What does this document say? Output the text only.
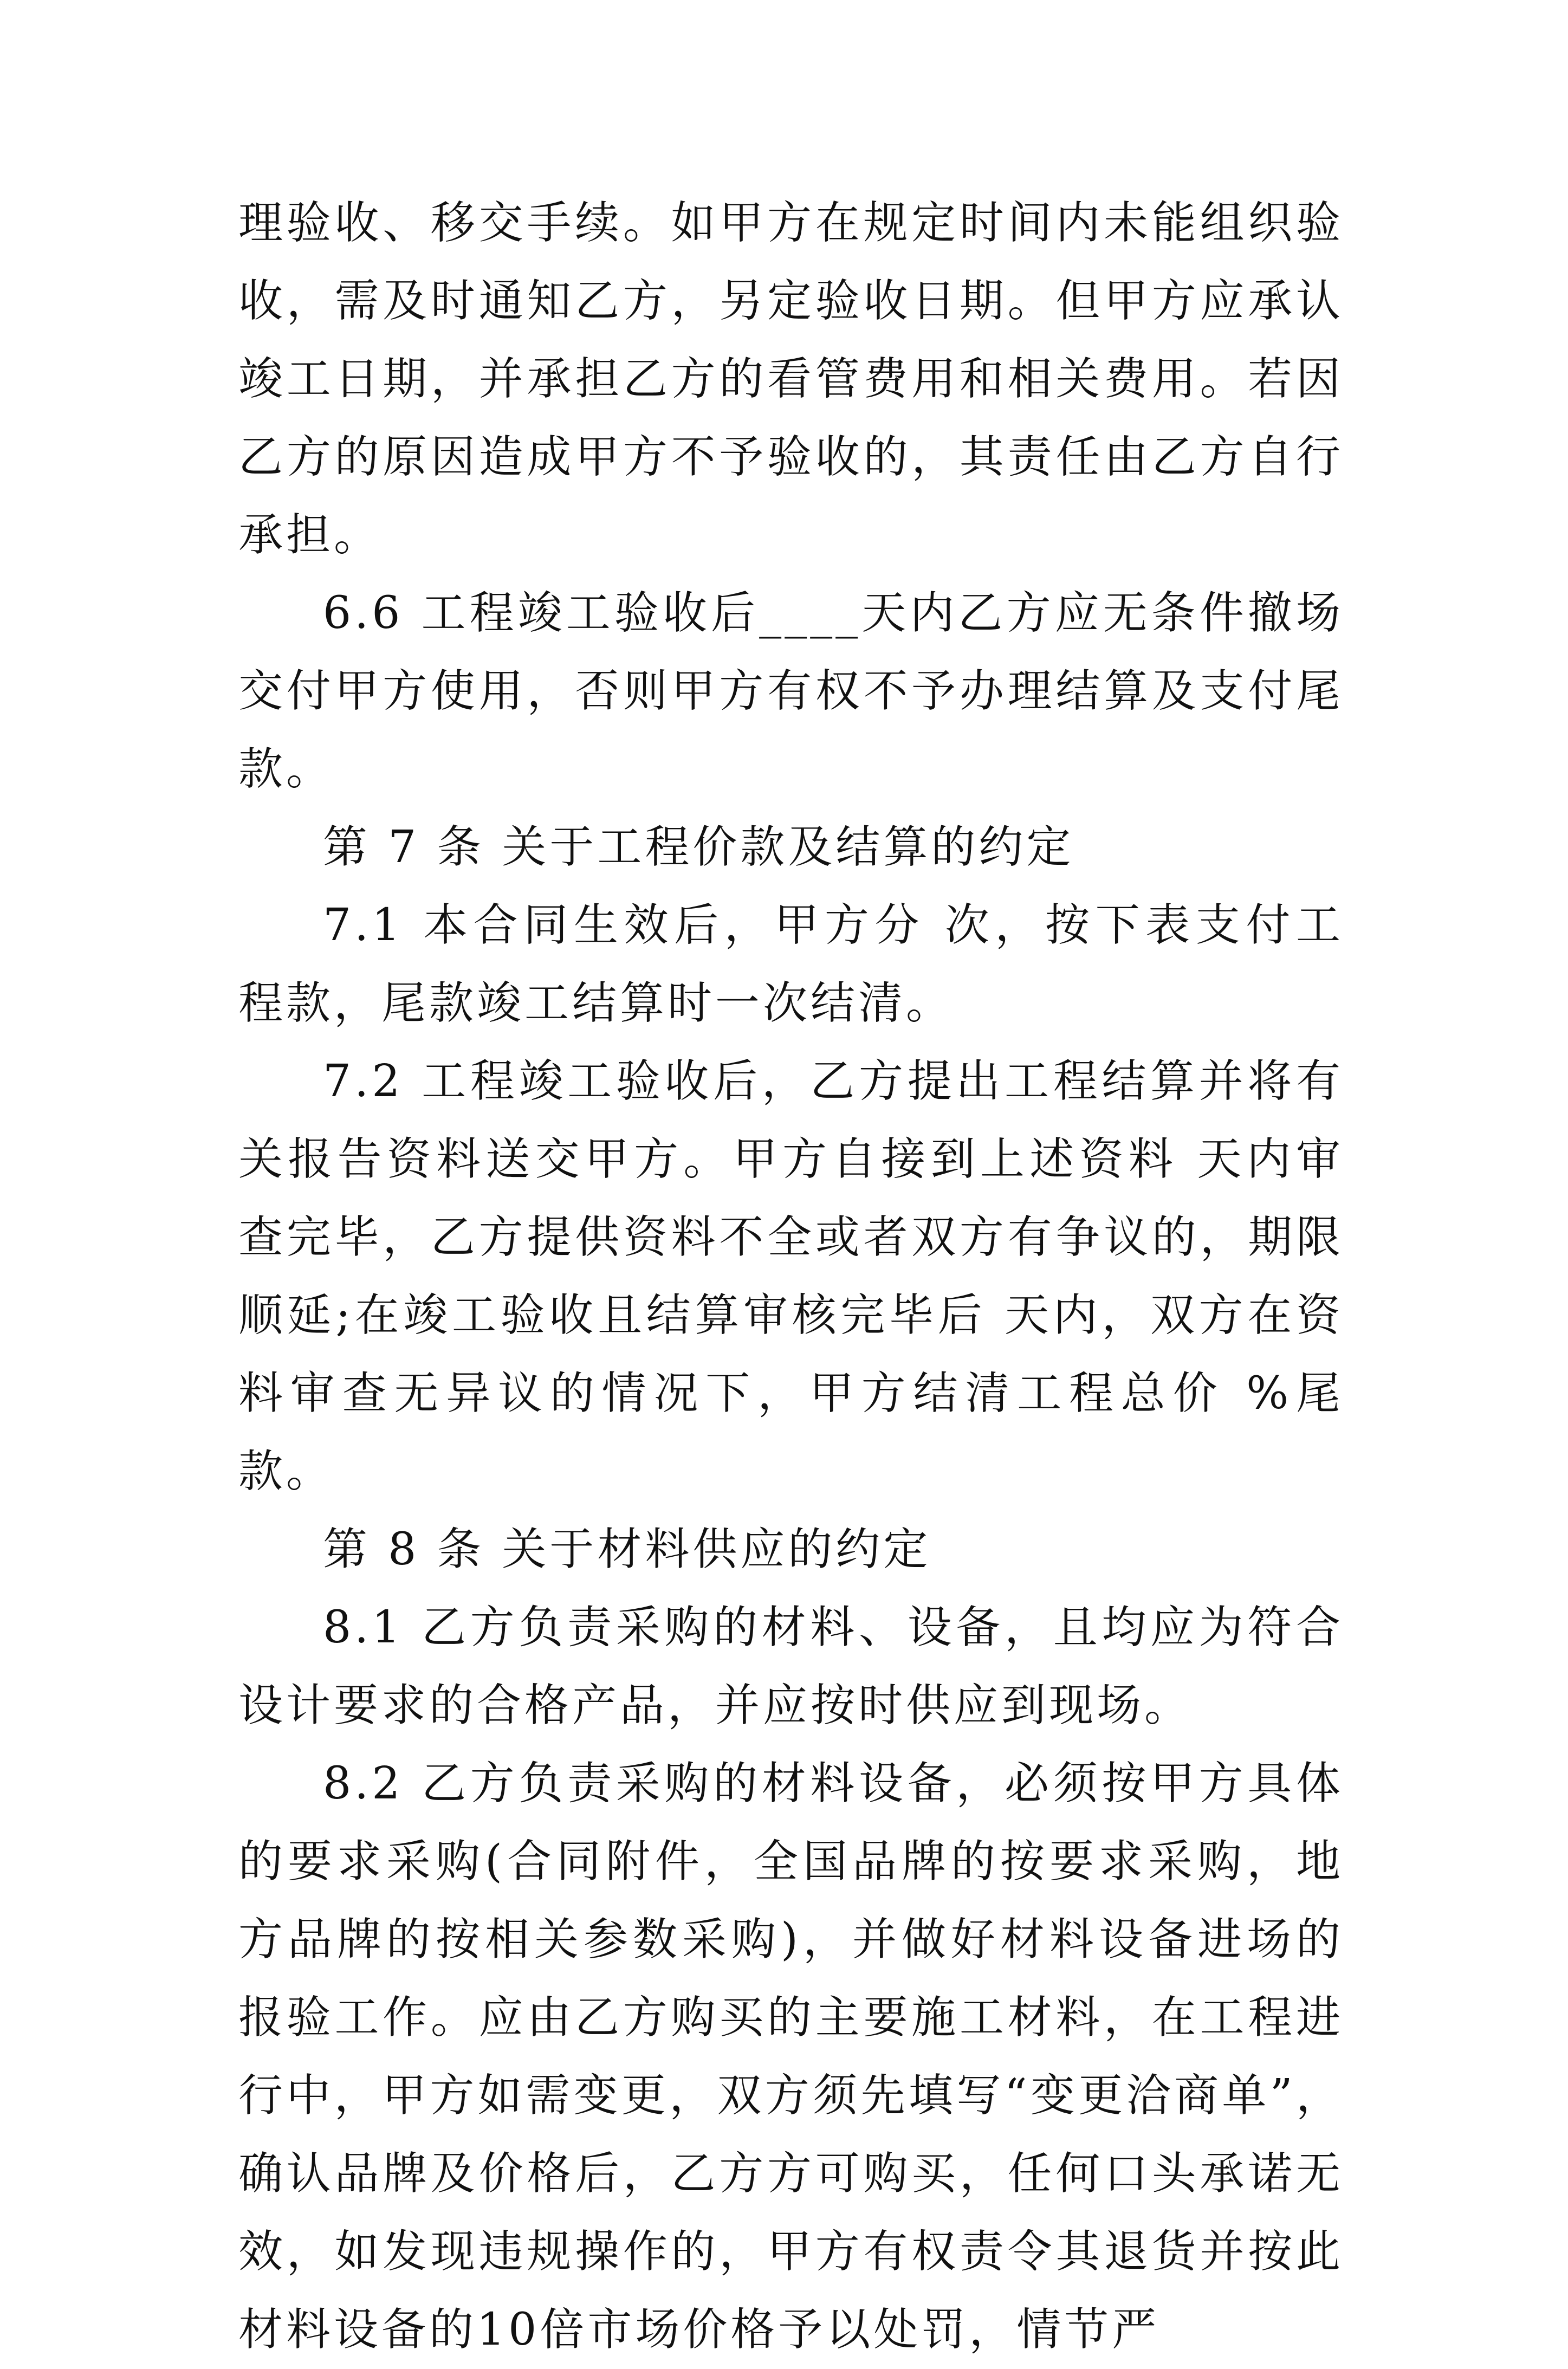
理验收、移交手续。如甲方在规定时间内未能组织验收，需及时通知乙方，另定验收日期。但甲方应承认竣工日期，并承担乙方的看管费用和相关费用。若因乙方的原因造成甲方不予验收的，其责任由乙方自行承担。

6.6 工程竣工验收后____天内乙方应无条件撤场交付甲方使用，否则甲方有权不予办理结算及支付尾款。

第 7 条 关于工程价款及结算的约定

7.1 本合同生效后，甲方分 次，按下表支付工程款，尾款竣工结算时一次结清。

7.2 工程竣工验收后，乙方提出工程结算并将有关报告资料送交甲方。甲方自接到上述资料 天内审查完毕，乙方提供资料不全或者双方有争议的，期限顺延;在竣工验收且结算审核完毕后 天内，双方在资料审查无异议的情况下，甲方结清工程总价 %尾款。

第 8 条 关于材料供应的约定

8.1 乙方负责采购的材料、设备，且均应为符合设计要求的合格产品，并应按时供应到现场。

8.2 乙方负责采购的材料设备，必须按甲方具体的要求采购(合同附件，全国品牌的按要求采购，地方品牌的按相关参数采购)，并做好材料设备进场的报验工作。应由乙方购买的主要施工材料，在工程进行中，甲方如需变更，双方须先填写“变更洽商单”，确认品牌及价格后，乙方方可购买，任何口头承诺无效，如发现违规操作的，甲方有权责令其退货并按此材料设备的10倍市场价格予以处罚，情节严
